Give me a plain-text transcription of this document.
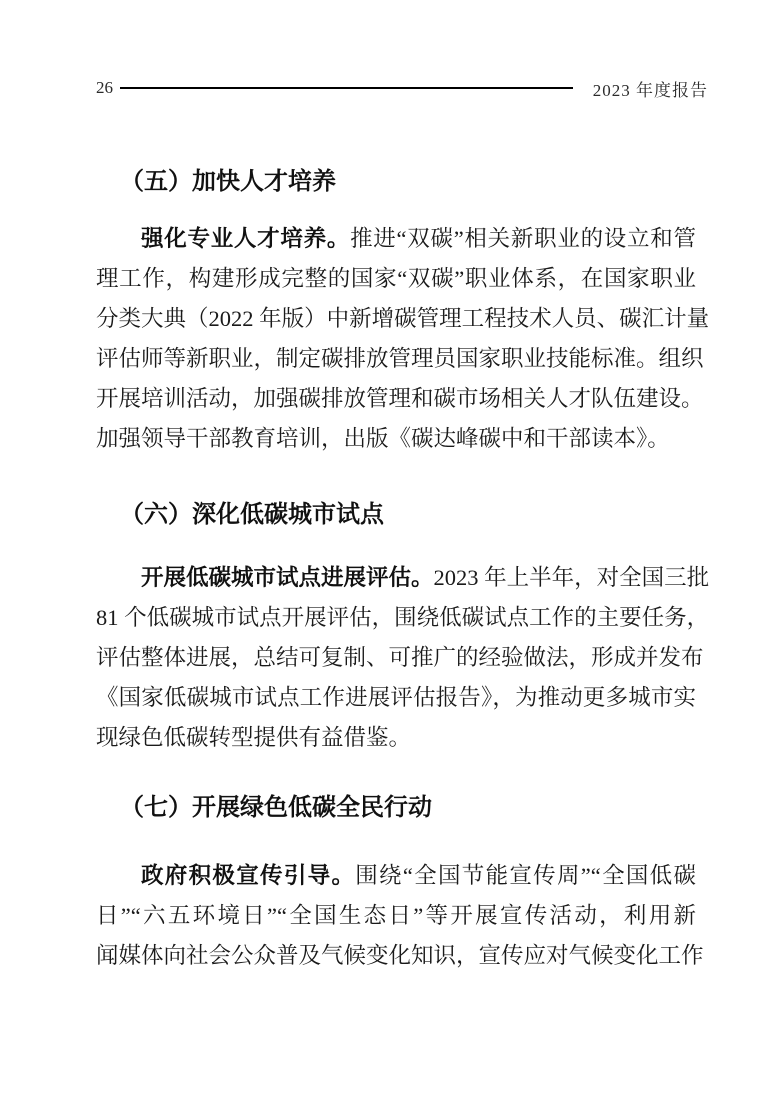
26	2023 年度报告
（五）加快人才培养
强化专业人才培养。推进“双碳”相关新职业的设立和管
理工作，构建形成完整的国家“双碳”职业体系，在国家职业
分类大典（2022 年版）中新增碳管理工程技术人员、碳汇计量
评估师等新职业，制定碳排放管理员国家职业技能标准。组织
开展培训活动，加强碳排放管理和碳市场相关人才队伍建设。
加强领导干部教育培训，出版《碳达峰碳中和干部读本》。
（六）深化低碳城市试点
开展低碳城市试点进展评估。2023 年上半年，对全国三批
81 个低碳城市试点开展评估，围绕低碳试点工作的主要任务，
评估整体进展，总结可复制、可推广的经验做法，形成并发布
《国家低碳城市试点工作进展评估报告》，为推动更多城市实
现绿色低碳转型提供有益借鉴。
（七）开展绿色低碳全民行动
政府积极宣传引导。围绕“全国节能宣传周”“全国低碳
日”“六五环境日”“全国生态日”等开展宣传活动，利用新
闻媒体向社会公众普及气候变化知识，宣传应对气候变化工作
